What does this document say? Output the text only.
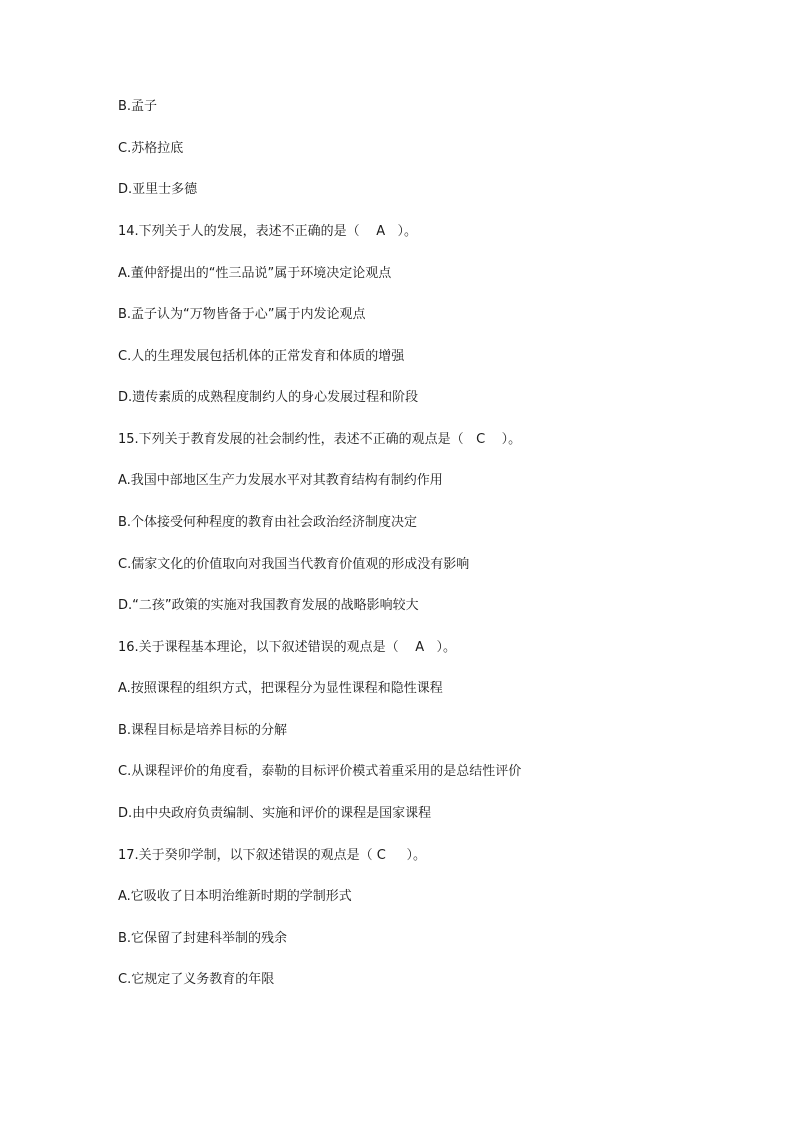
B.孟子
C.苏格拉底
D.亚里士多德
14.下列关于人的发展，表述不正确的是（    A   ）。
A.董仲舒提出的“性三品说”属于环境决定论观点
B.孟子认为“万物皆备于心”属于内发论观点
C.人的生理发展包括机体的正常发育和体质的增强
D.遗传素质的成熟程度制约人的身心发展过程和阶段
15.下列关于教育发展的社会制约性，表述不正确的观点是（   C    ）。
A.我国中部地区生产力发展水平对其教育结构有制约作用
B.个体接受何种程度的教育由社会政治经济制度决定
C.儒家文化的价值取向对我国当代教育价值观的形成没有影响
D.“二孩”政策的实施对我国教育发展的战略影响较大
16.关于课程基本理论，以下叙述错误的观点是（    A   ）。
A.按照课程的组织方式，把课程分为显性课程和隐性课程
B.课程目标是培养目标的分解
C.从课程评价的角度看，泰勒的目标评价模式着重采用的是总结性评价
D.由中央政府负责编制、实施和评价的课程是国家课程
17.关于癸卯学制，以下叙述错误的观点是（ C     ）。
A.它吸收了日本明治维新时期的学制形式
B.它保留了封建科举制的残余
C.它规定了义务教育的年限
